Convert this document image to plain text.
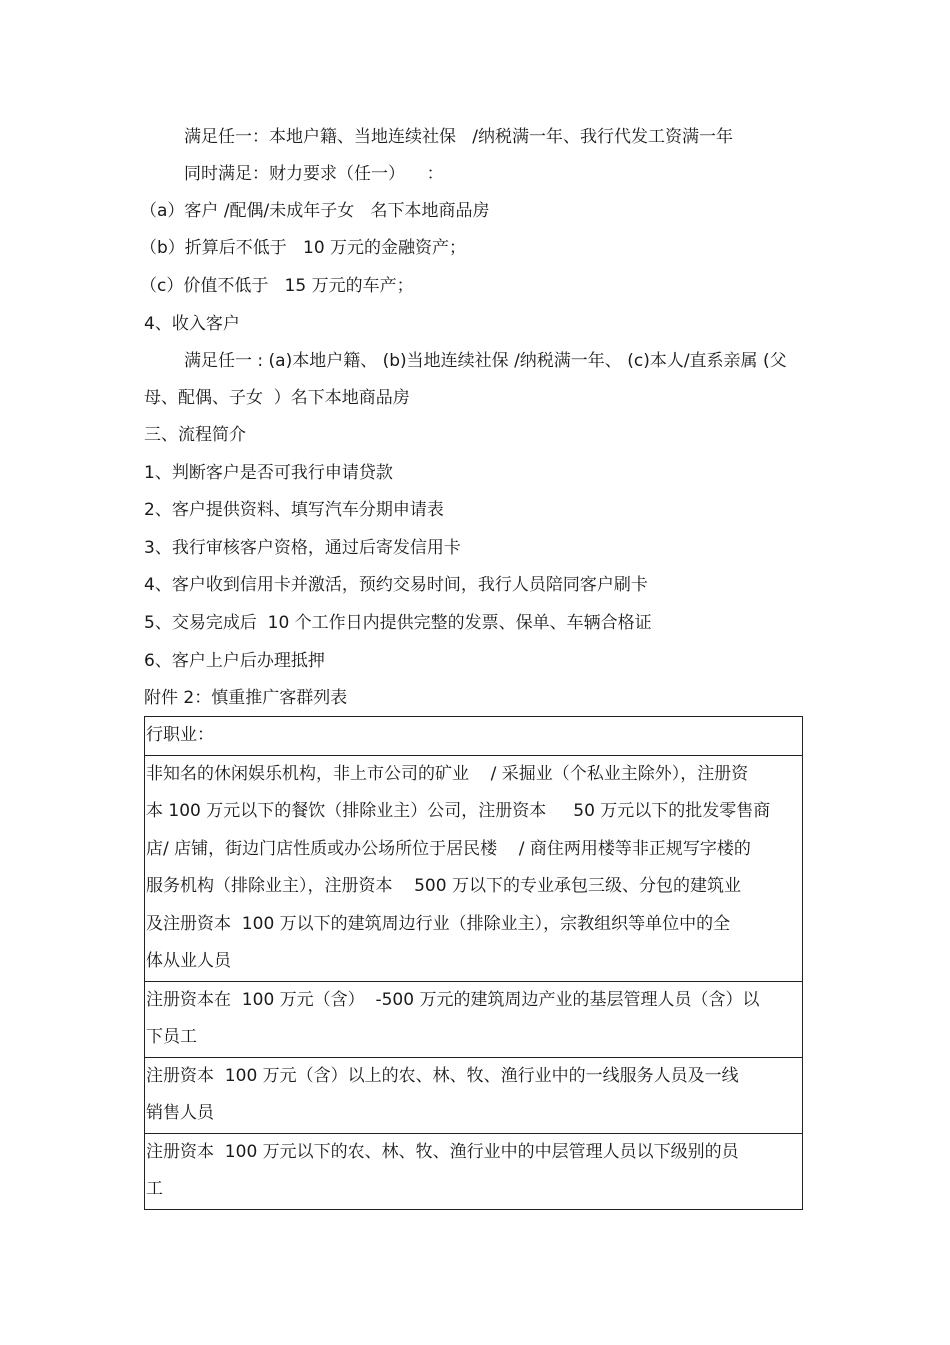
满足任一：本地户籍、当地连续社保   /纳税满一年、我行代发工资满一年
同时满足：财力要求（任一）    ：
（a）客户 /配偶/未成年子女   名下本地商品房
（b）折算后不低于   10 万元的金融资产；
（c）价值不低于   15 万元的车产；
4、收入客户
满足任一 : (a)本地户籍、 (b)当地连续社保 /纳税满一年、 (c)本人/直系亲属 (父
母、配偶、子女  ）名下本地商品房
三、流程简介
1、判断客户是否可我行申请贷款
2、客户提供资料、填写汽车分期申请表
3、我行审核客户资格，通过后寄发信用卡
4、客户收到信用卡并激活，预约交易时间，我行人员陪同客户刷卡
5、交易完成后  10 个工作日内提供完整的发票、保单、车辆合格证
6、客户上户后办理抵押
附件 2：慎重推广客群列表
行职业：
非知名的休闲娱乐机构，非上市公司的矿业    / 采掘业（个私业主除外），注册资
本 100 万元以下的餐饮（排除业主）公司，注册资本     50 万元以下的批发零售商
店/ 店铺，街边门店性质或办公场所位于居民楼    / 商住两用楼等非正规写字楼的
服务机构（排除业主），注册资本    500 万以下的专业承包三级、分包的建筑业
及注册资本  100 万以下的建筑周边行业（排除业主），宗教组织等单位中的全
体从业人员
注册资本在  100 万元（含）  -500 万元的建筑周边产业的基层管理人员（含）以
下员工
注册资本  100 万元（含）以上的农、林、牧、渔行业中的一线服务人员及一线
销售人员
注册资本  100 万元以下的农、林、牧、渔行业中的中层管理人员以下级别的员
工
